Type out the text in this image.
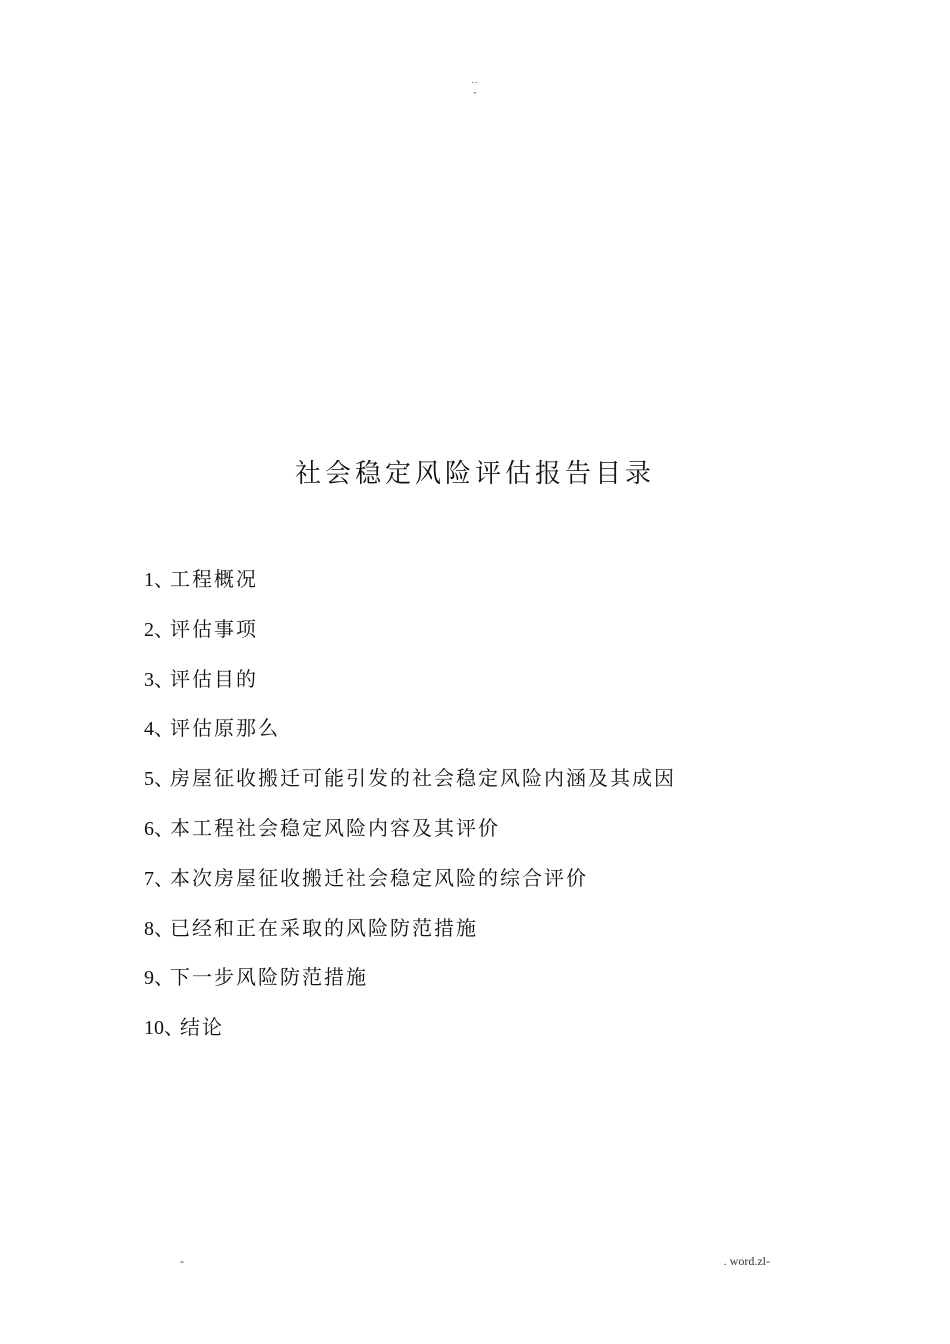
..
-
社会稳定风险评估报告目录
1、工程概况
2、评估事项
3、评估目的
4、评估原那么
5、房屋征收搬迁可能引发的社会稳定风险内涵及其成因
6、本工程社会稳定风险内容及其评价
7、本次房屋征收搬迁社会稳定风险的综合评价
8、已经和正在采取的风险防范措施
9、下一步风险防范措施
10、结论
-	. word.zl-
